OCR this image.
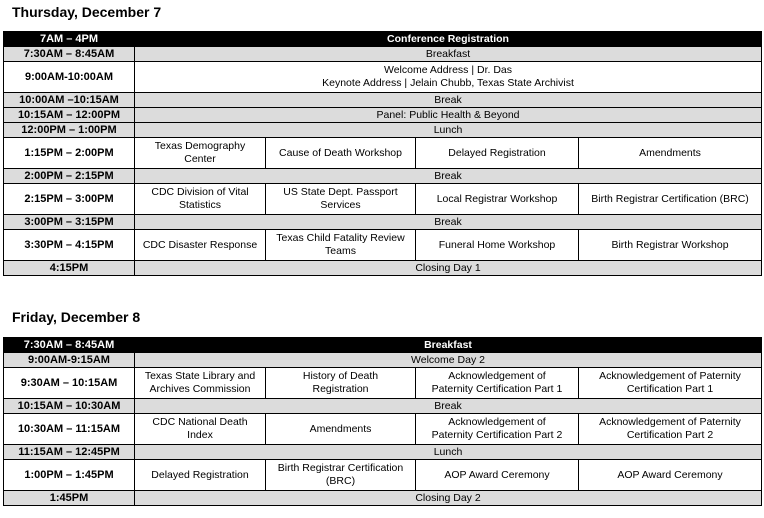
Thursday, December 7
7AM – 4PM	Conference Registration			
7:30AM – 8:45AM	Breakfast			
9:00AM-10:00AM	Welcome Address | Dr. Das
Keynote Address | Jelain Chubb, Texas State Archivist			
10:00AM –10:15AM	Break			
10:15AM – 12:00PM	Panel: Public Health & Beyond			
12:00PM – 1:00PM	Lunch			
1:15PM – 2:00PM	Texas Demography
Center	Cause of Death Workshop	Delayed Registration	Amendments
2:00PM – 2:15PM	Break			
2:15PM – 3:00PM	CDC Division of Vital
Statistics	US State Dept. Passport
Services	Local Registrar Workshop	Birth Registrar Certification (BRC)
3:00PM – 3:15PM	Break			
3:30PM – 4:15PM	CDC Disaster Response	Texas Child Fatality Review
Teams	Funeral Home Workshop	Birth Registrar Workshop
4:15PM	Closing Day 1			
Friday, December 8
7:30AM – 8:45AM	Breakfast			
9:00AM-9:15AM	Welcome Day 2			
9:30AM – 10:15AM	Texas State Library and
Archives Commission	History of Death
Registration	Acknowledgement of
Paternity Certification Part 1	Acknowledgement of Paternity
Certification Part 1
10:15AM – 10:30AM	Break			
10:30AM – 11:15AM	CDC National Death
Index	Amendments	Acknowledgement of
Paternity Certification Part 2	Acknowledgement of Paternity
Certification Part 2
11:15AM – 12:45PM	Lunch			
1:00PM – 1:45PM	Delayed Registration	Birth Registrar Certification
(BRC)	AOP Award Ceremony	AOP Award Ceremony
1:45PM	Closing Day 2			
